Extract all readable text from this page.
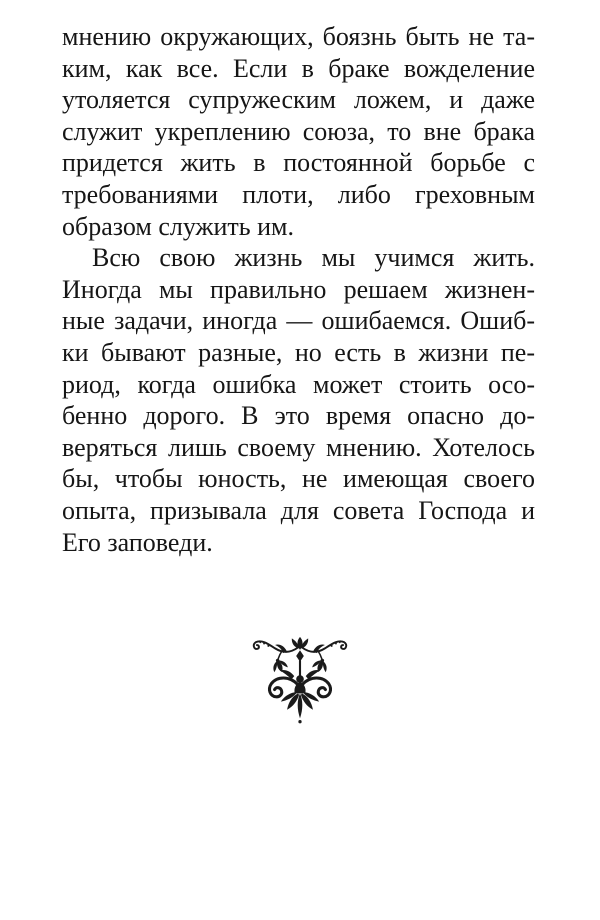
мнению окружающих, боязнь быть не та-
ким, как все. Если в браке вожделение
утоляется супружеским ложем, и даже
служит укреплению союза, то вне брака
придется жить в постоянной борьбе с
требованиями плоти, либо греховным
образом служить им.
Всю свою жизнь мы учимся жить.
Иногда мы правильно решаем жизнен-
ные задачи, иногда — ошибаемся. Ошиб-
ки бывают разные, но есть в жизни пе-
риод, когда ошибка может стоить осо-
бенно дорого. В это время опасно до-
веряться лишь своему мнению. Хотелось
бы, чтобы юность, не имеющая своего
опыта, призывала для совета Господа и
Его заповеди.
